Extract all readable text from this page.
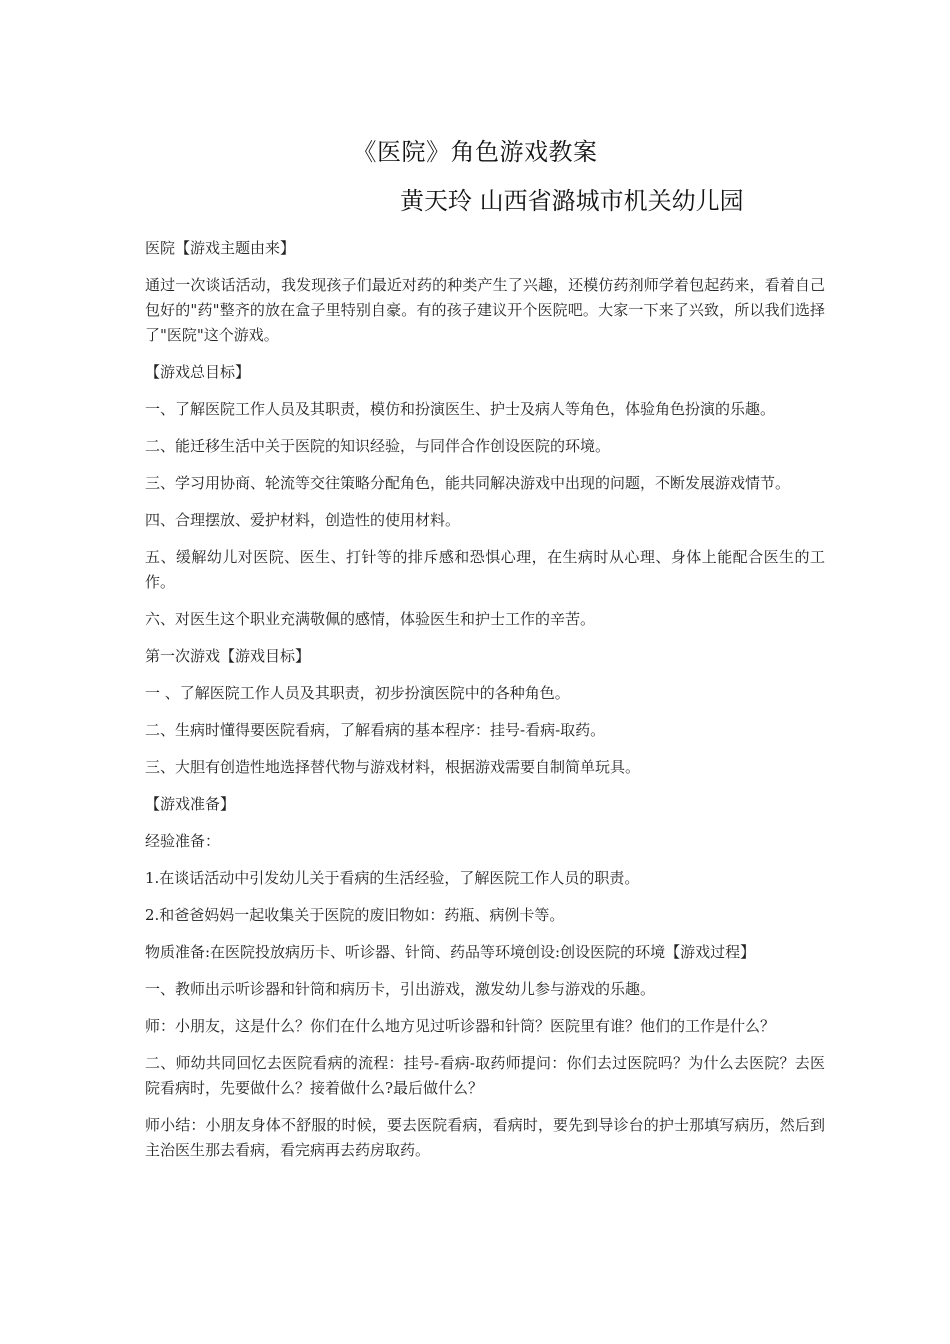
《医院》角色游戏教案
黄天玲 山西省潞城市机关幼儿园

医院【游戏主题由来】

通过一次谈话活动，我发现孩子们最近对药的种类产生了兴趣，还模仿药剂师学着包起药来，看着自己包好的"药"整齐的放在盒子里特别自豪。有的孩子建议开个医院吧。大家一下来了兴致，所以我们选择了"医院"这个游戏。

【游戏总目标】

一、了解医院工作人员及其职责，模仿和扮演医生、护士及病人等角色，体验角色扮演的乐趣。

二、能迁移生活中关于医院的知识经验，与同伴合作创设医院的环境。

三、学习用协商、轮流等交往策略分配角色，能共同解决游戏中出现的问题，不断发展游戏情节。

四、合理摆放、爱护材料，创造性的使用材料。

五、缓解幼儿对医院、医生、打针等的排斥感和恐惧心理，在生病时从心理、身体上能配合医生的工作。

六、对医生这个职业充满敬佩的感情，体验医生和护士工作的辛苦。

第一次游戏【游戏目标】

一 、了解医院工作人员及其职责，初步扮演医院中的各种角色。

二、生病时懂得要医院看病，了解看病的基本程序：挂号-看病-取药。

三、大胆有创造性地选择替代物与游戏材料，根据游戏需要自制简单玩具。

【游戏准备】

经验准备：

1.在谈话活动中引发幼儿关于看病的生活经验，了解医院工作人员的职责。

2.和爸爸妈妈一起收集关于医院的废旧物如：药瓶、病例卡等。

物质准备:在医院投放病历卡、听诊器、针筒、药品等环境创设:创设医院的环境【游戏过程】

一、教师出示听诊器和针筒和病历卡，引出游戏，激发幼儿参与游戏的乐趣。

师：小朋友，这是什么？你们在什么地方见过听诊器和针筒？医院里有谁？他们的工作是什么？

二、师幼共同回忆去医院看病的流程：挂号-看病-取药师提问：你们去过医院吗？为什么去医院？去医院看病时，先要做什么？接着做什么?最后做什么？

师小结：小朋友身体不舒服的时候，要去医院看病，看病时，要先到导诊台的护士那填写病历，然后到主治医生那去看病，看完病再去药房取药。
